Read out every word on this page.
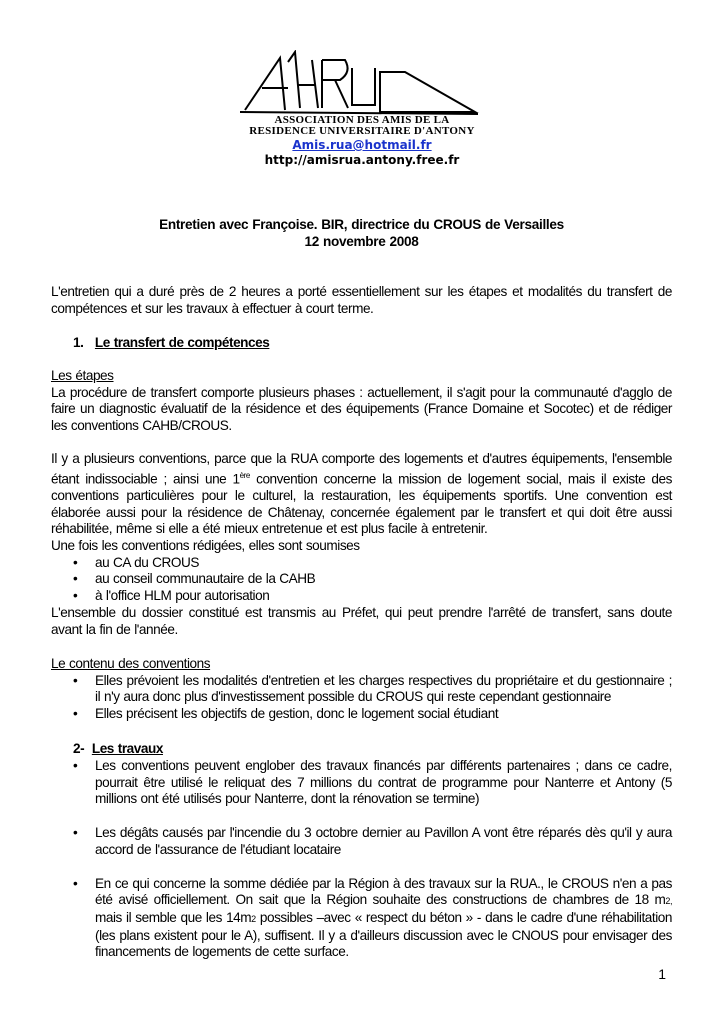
ASSOCIATION DES AMIS DE LA
RESIDENCE UNIVERSITAIRE D'ANTONY
Amis.rua@hotmail.fr
http://amisrua.antony.free.fr
Entretien avec Françoise. BIR, directrice du CROUS de Versailles
12 novembre 2008
L'entretien qui a duré près de 2 heures a porté essentiellement sur les étapes et modalités du transfert de compétences et sur les travaux à effectuer à court terme.
1. Le transfert de compétences
Les étapes
La procédure de transfert comporte plusieurs phases : actuellement, il s'agit pour la communauté d'agglo de faire un diagnostic évaluatif de la résidence et des équipements (France Domaine et Socotec) et de rédiger les conventions CAHB/CROUS.
Il y a plusieurs conventions, parce que la RUA comporte des logements et d'autres équipements, l'ensemble étant indissociable ; ainsi une 1ère convention concerne la mission de logement social, mais il existe des conventions particulières pour le culturel, la restauration, les équipements sportifs. Une convention est élaborée aussi pour la résidence de Châtenay, concernée également par le transfert et qui doit être aussi réhabilitée, même si elle a été mieux entretenue et est plus facile à entretenir.
Une fois les conventions rédigées, elles sont soumises
• au CA du CROUS
• au conseil communautaire de la CAHB
• à l'office HLM pour autorisation
L'ensemble du dossier constitué est transmis au Préfet, qui peut prendre l'arrêté de transfert, sans doute avant la fin de l'année.
Le contenu des conventions
• Elles prévoient les modalités d'entretien et les charges respectives du propriétaire et du gestionnaire ; il n'y aura donc plus d'investissement possible du CROUS qui reste cependant gestionnaire
• Elles précisent les objectifs de gestion, donc le logement social étudiant
2- Les travaux
• Les conventions peuvent englober des travaux financés par différents partenaires ; dans ce cadre, pourrait être utilisé le reliquat des 7 millions du contrat de programme pour Nanterre et Antony (5 millions ont été utilisés pour Nanterre, dont la rénovation se termine)
• Les dégâts causés par l'incendie du 3 octobre dernier au Pavillon A vont être réparés dès qu'il y aura accord de l'assurance de l'étudiant locataire
• En ce qui concerne la somme dédiée par la Région à des travaux sur la RUA., le CROUS n'en a pas été avisé officiellement. On sait que la Région souhaite des constructions de chambres de 18 m2, mais il semble que les 14m2 possibles –avec « respect du béton » - dans le cadre d'une réhabilitation (les plans existent pour le A), suffisent. Il y a d'ailleurs discussion avec le CNOUS pour envisager des financements de logements de cette surface.
1
